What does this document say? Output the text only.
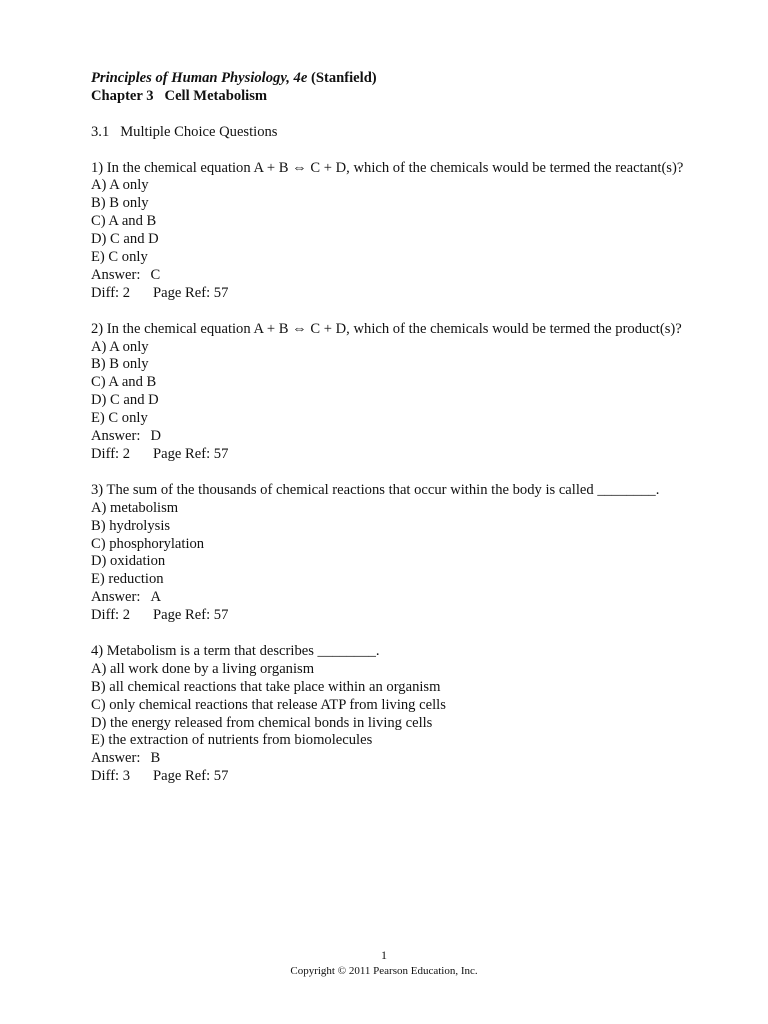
Principles of Human Physiology, 4e (Stanfield)
Chapter 3 Cell Metabolism
3.1 Multiple Choice Questions
1) In the chemical equation A + B ⇔ C + D, which of the chemicals would be termed the reactant(s)?
A) A only
B) B only
C) A and B
D) C and D
E) C only
Answer: C
Diff: 2 Page Ref: 57
2) In the chemical equation A + B ⇔ C + D, which of the chemicals would be termed the product(s)?
A) A only
B) B only
C) A and B
D) C and D
E) C only
Answer: D
Diff: 2 Page Ref: 57
3) The sum of the thousands of chemical reactions that occur within the body is called ________.
A) metabolism
B) hydrolysis
C) phosphorylation
D) oxidation
E) reduction
Answer: A
Diff: 2 Page Ref: 57
4) Metabolism is a term that describes ________.
A) all work done by a living organism
B) all chemical reactions that take place within an organism
C) only chemical reactions that release ATP from living cells
D) the energy released from chemical bonds in living cells
E) the extraction of nutrients from biomolecules
Answer: B
Diff: 3 Page Ref: 57
1
Copyright © 2011 Pearson Education, Inc.
